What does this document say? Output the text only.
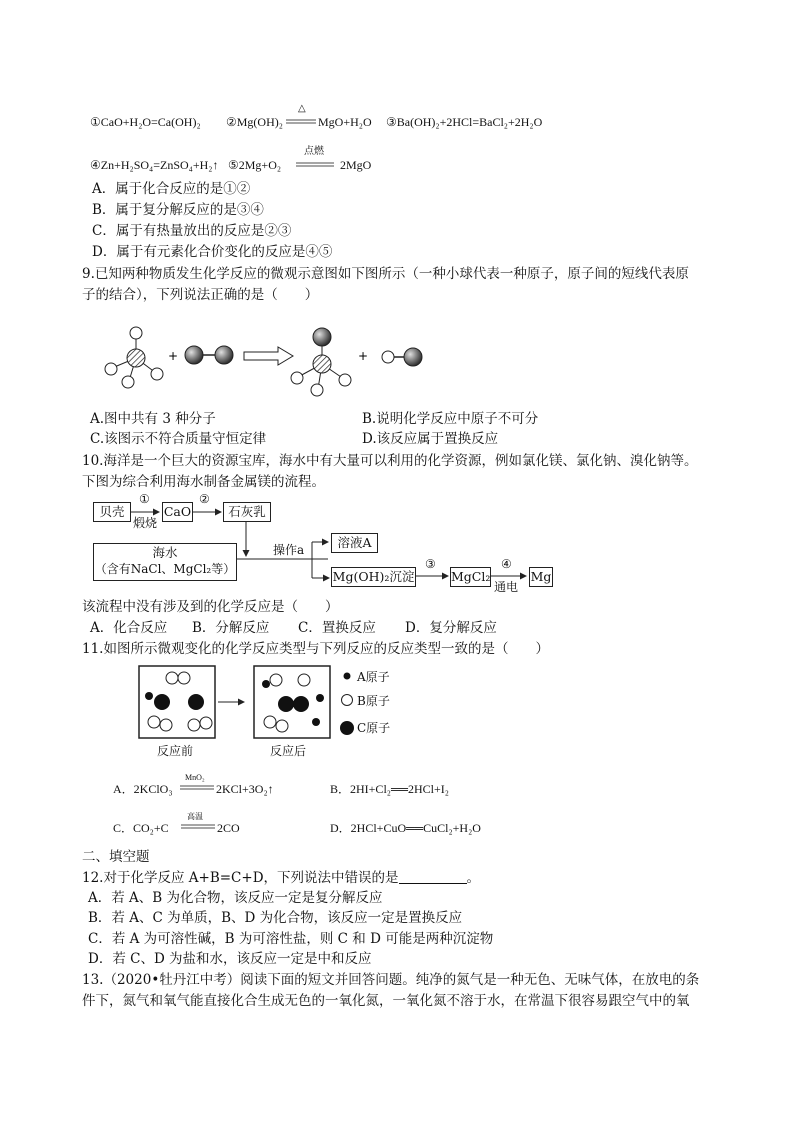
①CaO+H₂O=Ca(OH)₂ ②Mg(OH)₂
△
MgO+H₂O ③Ba(OH)₂+2HCl=BaCl₂+2H₂O
④Zn+H₂SO₄=ZnSO₄+H₂↑ ⑤2Mg+O₂
点燃
2MgO
A．属于化合反应的是①②
B．属于复分解反应的是③④
C．属于有热量放出的反应是②③
D．属于有元素化合价变化的反应是④⑤
9.已知两种物质发生化学反应的微观示意图如下图所示（一种小球代表一种原子，原子间的短线代表原
子的结合），下列说法正确的是（　　）
+	+
A.图中共有 3 种分子	B.说明化学反应中原子不可分
C.该图示不符合质量守恒定律	D.该反应属于置换反应
10.海洋是一个巨大的资源宝库，海水中有大量可以利用的化学资源，例如氯化镁、氯化钠、溴化钠等。
下图为综合利用海水制备金属镁的流程。
贝壳
①
煅烧
CaO
②
石灰乳
海水
（含有NaCl、MgCl₂等）
操作a	溶液A
Mg(OH)₂沉淀
③
MgCl₂
④
通电
Mg
该流程中没有涉及到的化学反应是（　　）
A．化合反应 B．分解反应 C．置换反应 D．复分解反应
11.如图所示微观变化的化学反应类型与下列反应的反应类型一致的是（　　）
A原子
B原子
C原子
反应前	反应后
A．2KClO₃
MnO₂
2KCl+3O₂↑	B．2HI+Cl₂══2HCl+I₂
C．CO₂+C
高温
2CO	D．2HCl+CuO══CuCl₂+H₂O
二、填空题
12.对于化学反应 A+B=C+D，下列说法中错误的是	。
A．若 A、B 为化合物，该反应一定是复分解反应
B．若 A、C 为单质，B、D 为化合物，该反应一定是置换反应
C．若 A 为可溶性碱，B 为可溶性盐，则 C 和 D 可能是两种沉淀物
D．若 C、D 为盐和水，该反应一定是中和反应
13.（2020•牡丹江中考）阅读下面的短文并回答问题。纯净的氮气是一种无色、无味气体，在放电的条
件下，氮气和氧气能直接化合生成无色的一氧化氮，一氧化氮不溶于水，在常温下很容易跟空气中的氧
